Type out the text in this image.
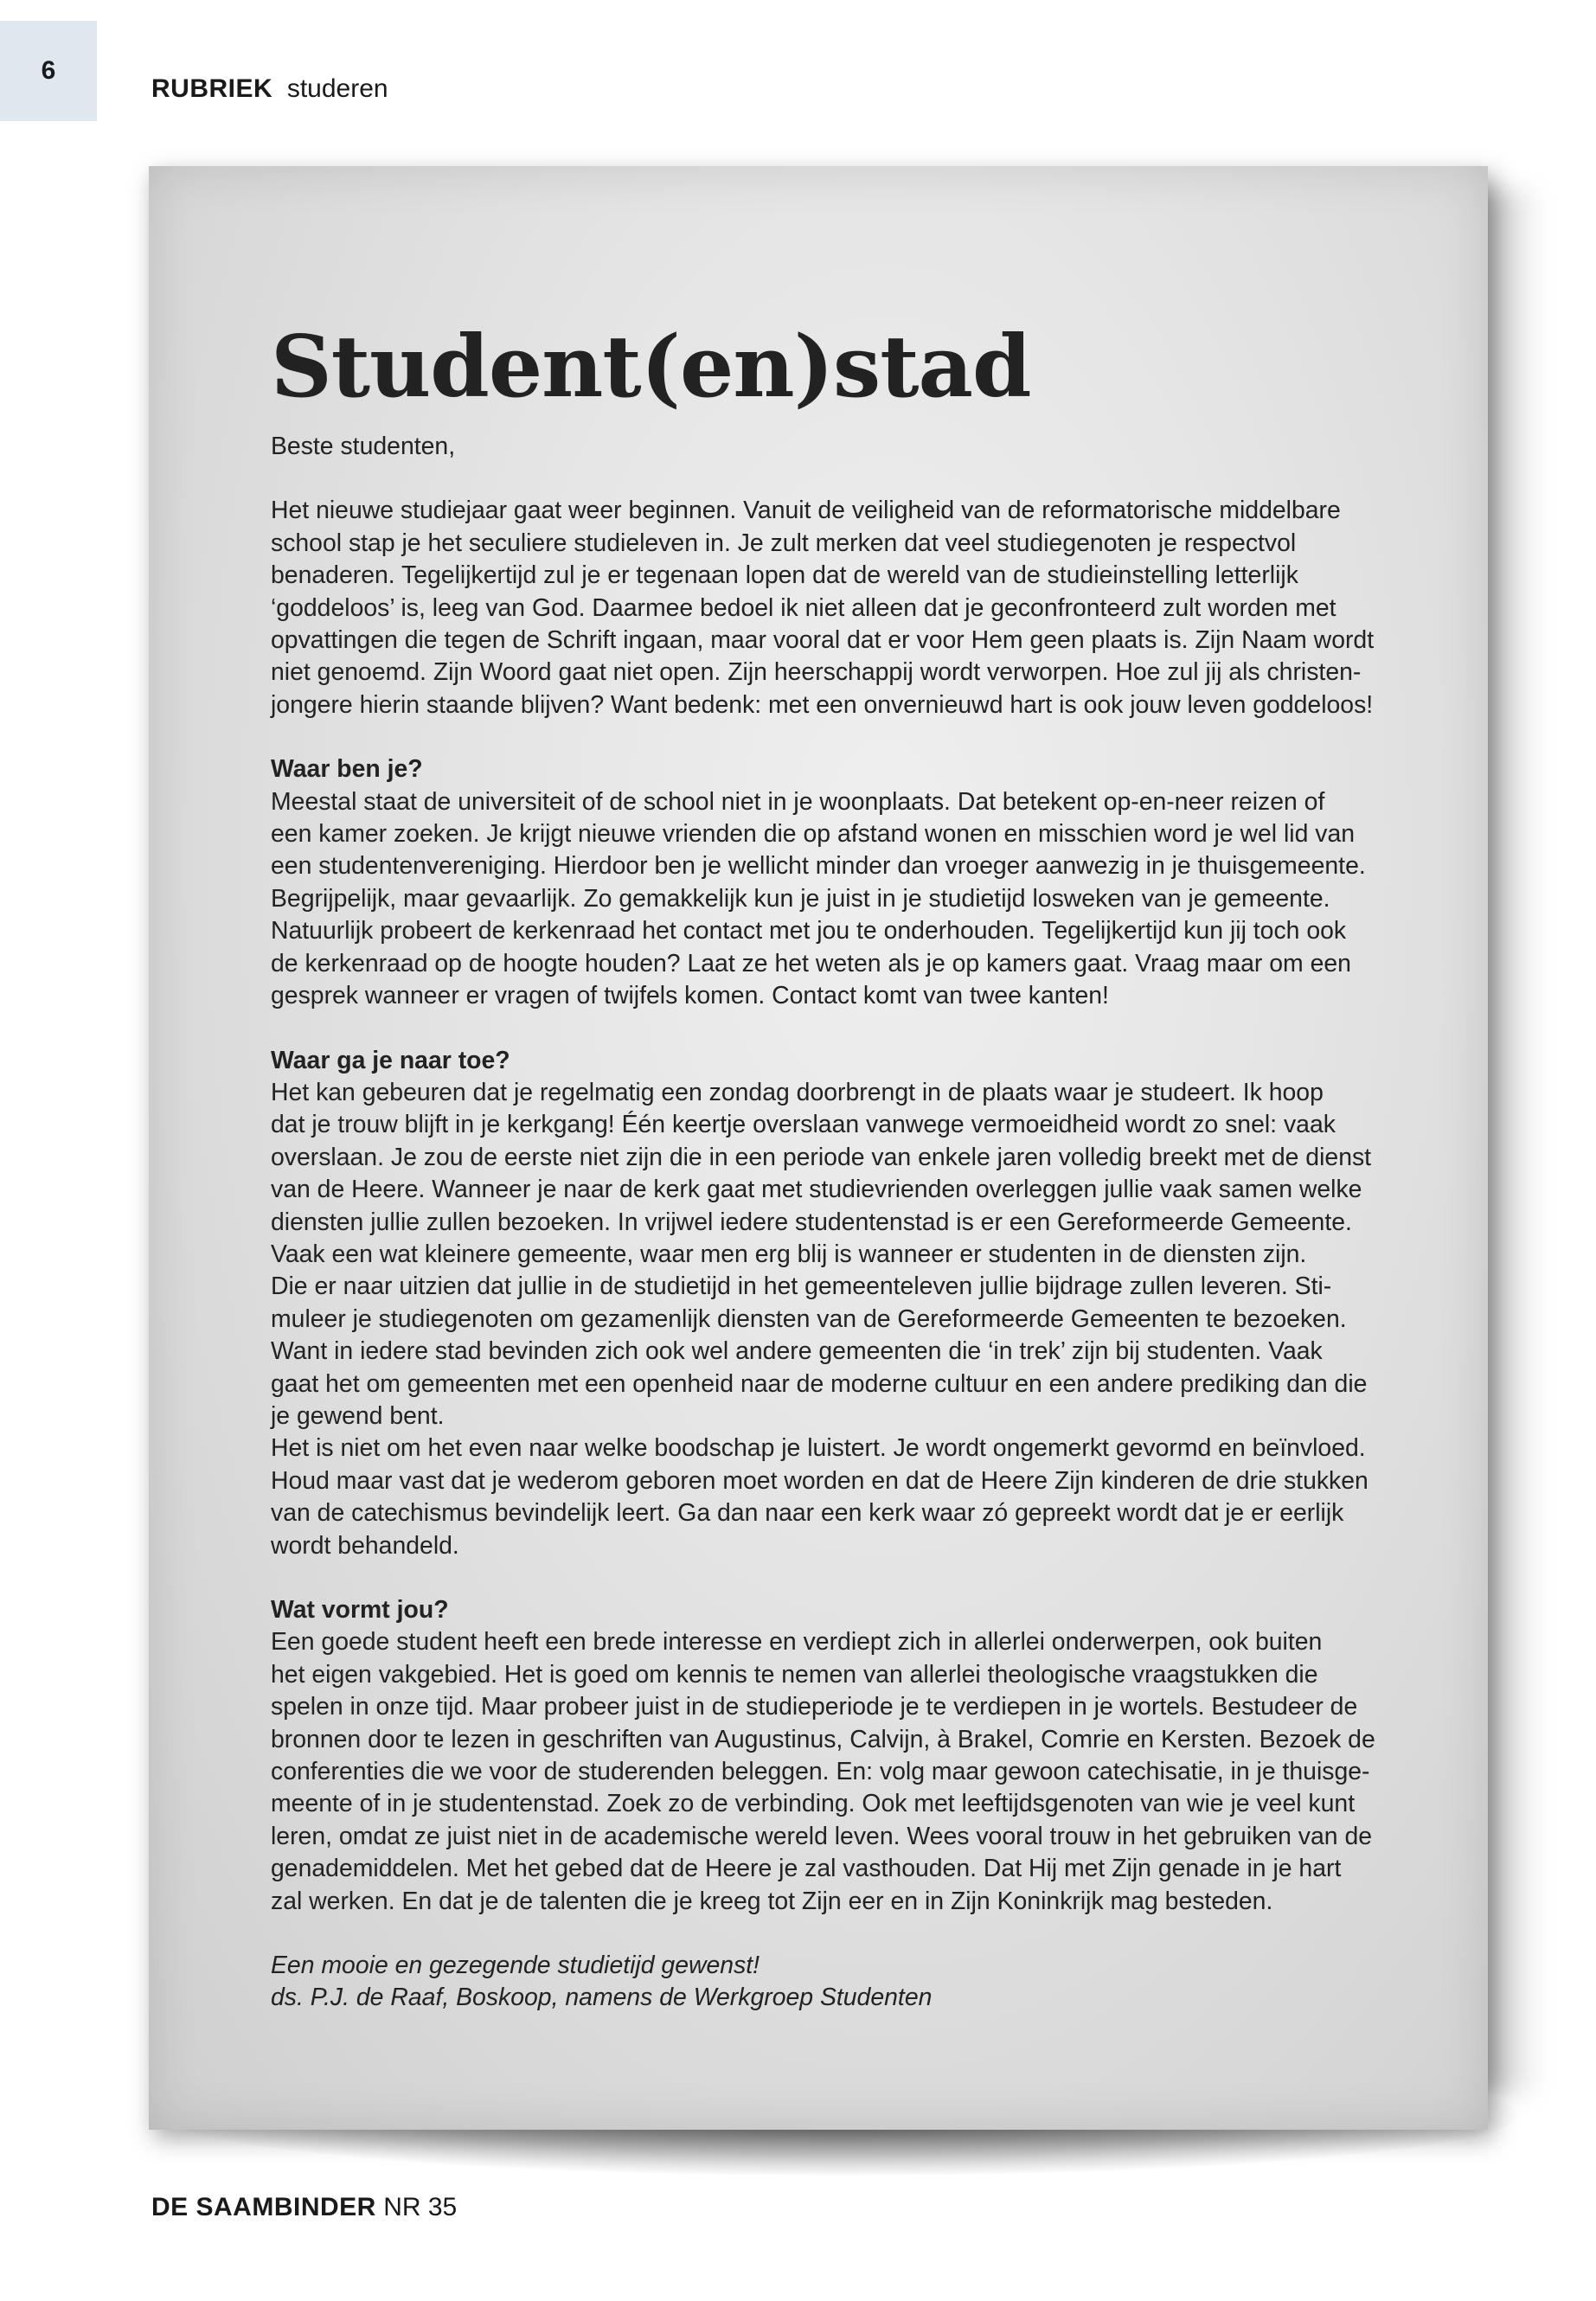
6
RUBRIEK studeren
Student(en)stad

Beste studenten,

Het nieuwe studiejaar gaat weer beginnen. Vanuit de veiligheid van de reformatorische middelbare

school stap je het seculiere studieleven in. Je zult merken dat veel studiegenoten je respectvol

benaderen. Tegelijkertijd zul je er tegenaan lopen dat de wereld van de studieinstelling letterlijk

‘goddeloos’ is, leeg van God. Daarmee bedoel ik niet alleen dat je geconfronteerd zult worden met

opvattingen die tegen de Schrift ingaan, maar vooral dat er voor Hem geen plaats is. Zijn Naam wordt

niet genoemd. Zijn Woord gaat niet open. Zijn heerschappij wordt verworpen. Hoe zul jij als christen-

jongere hierin staande blijven? Want bedenk: met een onvernieuwd hart is ook jouw leven goddeloos!

Waar ben je?

Meestal staat de universiteit of de school niet in je woonplaats. Dat betekent op-en-neer reizen of

een kamer zoeken. Je krijgt nieuwe vrienden die op afstand wonen en misschien word je wel lid van

een studentenvereniging. Hierdoor ben je wellicht minder dan vroeger aanwezig in je thuisgemeente.

Begrijpelijk, maar gevaarlijk. Zo gemakkelijk kun je juist in je studietijd losweken van je gemeente.

Natuurlijk probeert de kerkenraad het contact met jou te onderhouden. Tegelijkertijd kun jij toch ook

de kerkenraad op de hoogte houden? Laat ze het weten als je op kamers gaat. Vraag maar om een

gesprek wanneer er vragen of twijfels komen. Contact komt van twee kanten!

Waar ga je naar toe?

Het kan gebeuren dat je regelmatig een zondag doorbrengt in de plaats waar je studeert. Ik hoop

dat je trouw blijft in je kerkgang! Één keertje overslaan vanwege vermoeidheid wordt zo snel: vaak

overslaan. Je zou de eerste niet zijn die in een periode van enkele jaren volledig breekt met de dienst

van de Heere. Wanneer je naar de kerk gaat met studievrienden overleggen jullie vaak samen welke

diensten jullie zullen bezoeken. In vrijwel iedere studentenstad is er een Gereformeerde Gemeente.

Vaak een wat kleinere gemeente, waar men erg blij is wanneer er studenten in de diensten zijn.

Die er naar uitzien dat jullie in de studietijd in het gemeenteleven jullie bijdrage zullen leveren. Sti-

muleer je studiegenoten om gezamenlijk diensten van de Gereformeerde Gemeenten te bezoeken.

Want in iedere stad bevinden zich ook wel andere gemeenten die ‘in trek’ zijn bij studenten. Vaak

gaat het om gemeenten met een openheid naar de moderne cultuur en een andere prediking dan die

je gewend bent.

Het is niet om het even naar welke boodschap je luistert. Je wordt ongemerkt gevormd en beïnvloed.

Houd maar vast dat je wederom geboren moet worden en dat de Heere Zijn kinderen de drie stukken

van de catechismus bevindelijk leert. Ga dan naar een kerk waar zó gepreekt wordt dat je er eerlijk

wordt behandeld.

Wat vormt jou?

Een goede student heeft een brede interesse en verdiept zich in allerlei onderwerpen, ook buiten

het eigen vakgebied. Het is goed om kennis te nemen van allerlei theologische vraagstukken die

spelen in onze tijd. Maar probeer juist in de studieperiode je te verdiepen in je wortels. Bestudeer de

bronnen door te lezen in geschriften van Augustinus, Calvijn, à Brakel, Comrie en Kersten. Bezoek de

conferenties die we voor de studerenden beleggen. En: volg maar gewoon catechisatie, in je thuisge-

meente of in je studentenstad. Zoek zo de verbinding. Ook met leeftijdsgenoten van wie je veel kunt

leren, omdat ze juist niet in de academische wereld leven. Wees vooral trouw in het gebruiken van de

genademiddelen. Met het gebed dat de Heere je zal vasthouden. Dat Hij met Zijn genade in je hart

zal werken. En dat je de talenten die je kreeg tot Zijn eer en in Zijn Koninkrijk mag besteden.

Een mooie en gezegende studietijd gewenst!

ds. P.J. de Raaf, Boskoop, namens de Werkgroep Studenten

DE SAAMBINDER NR 35
